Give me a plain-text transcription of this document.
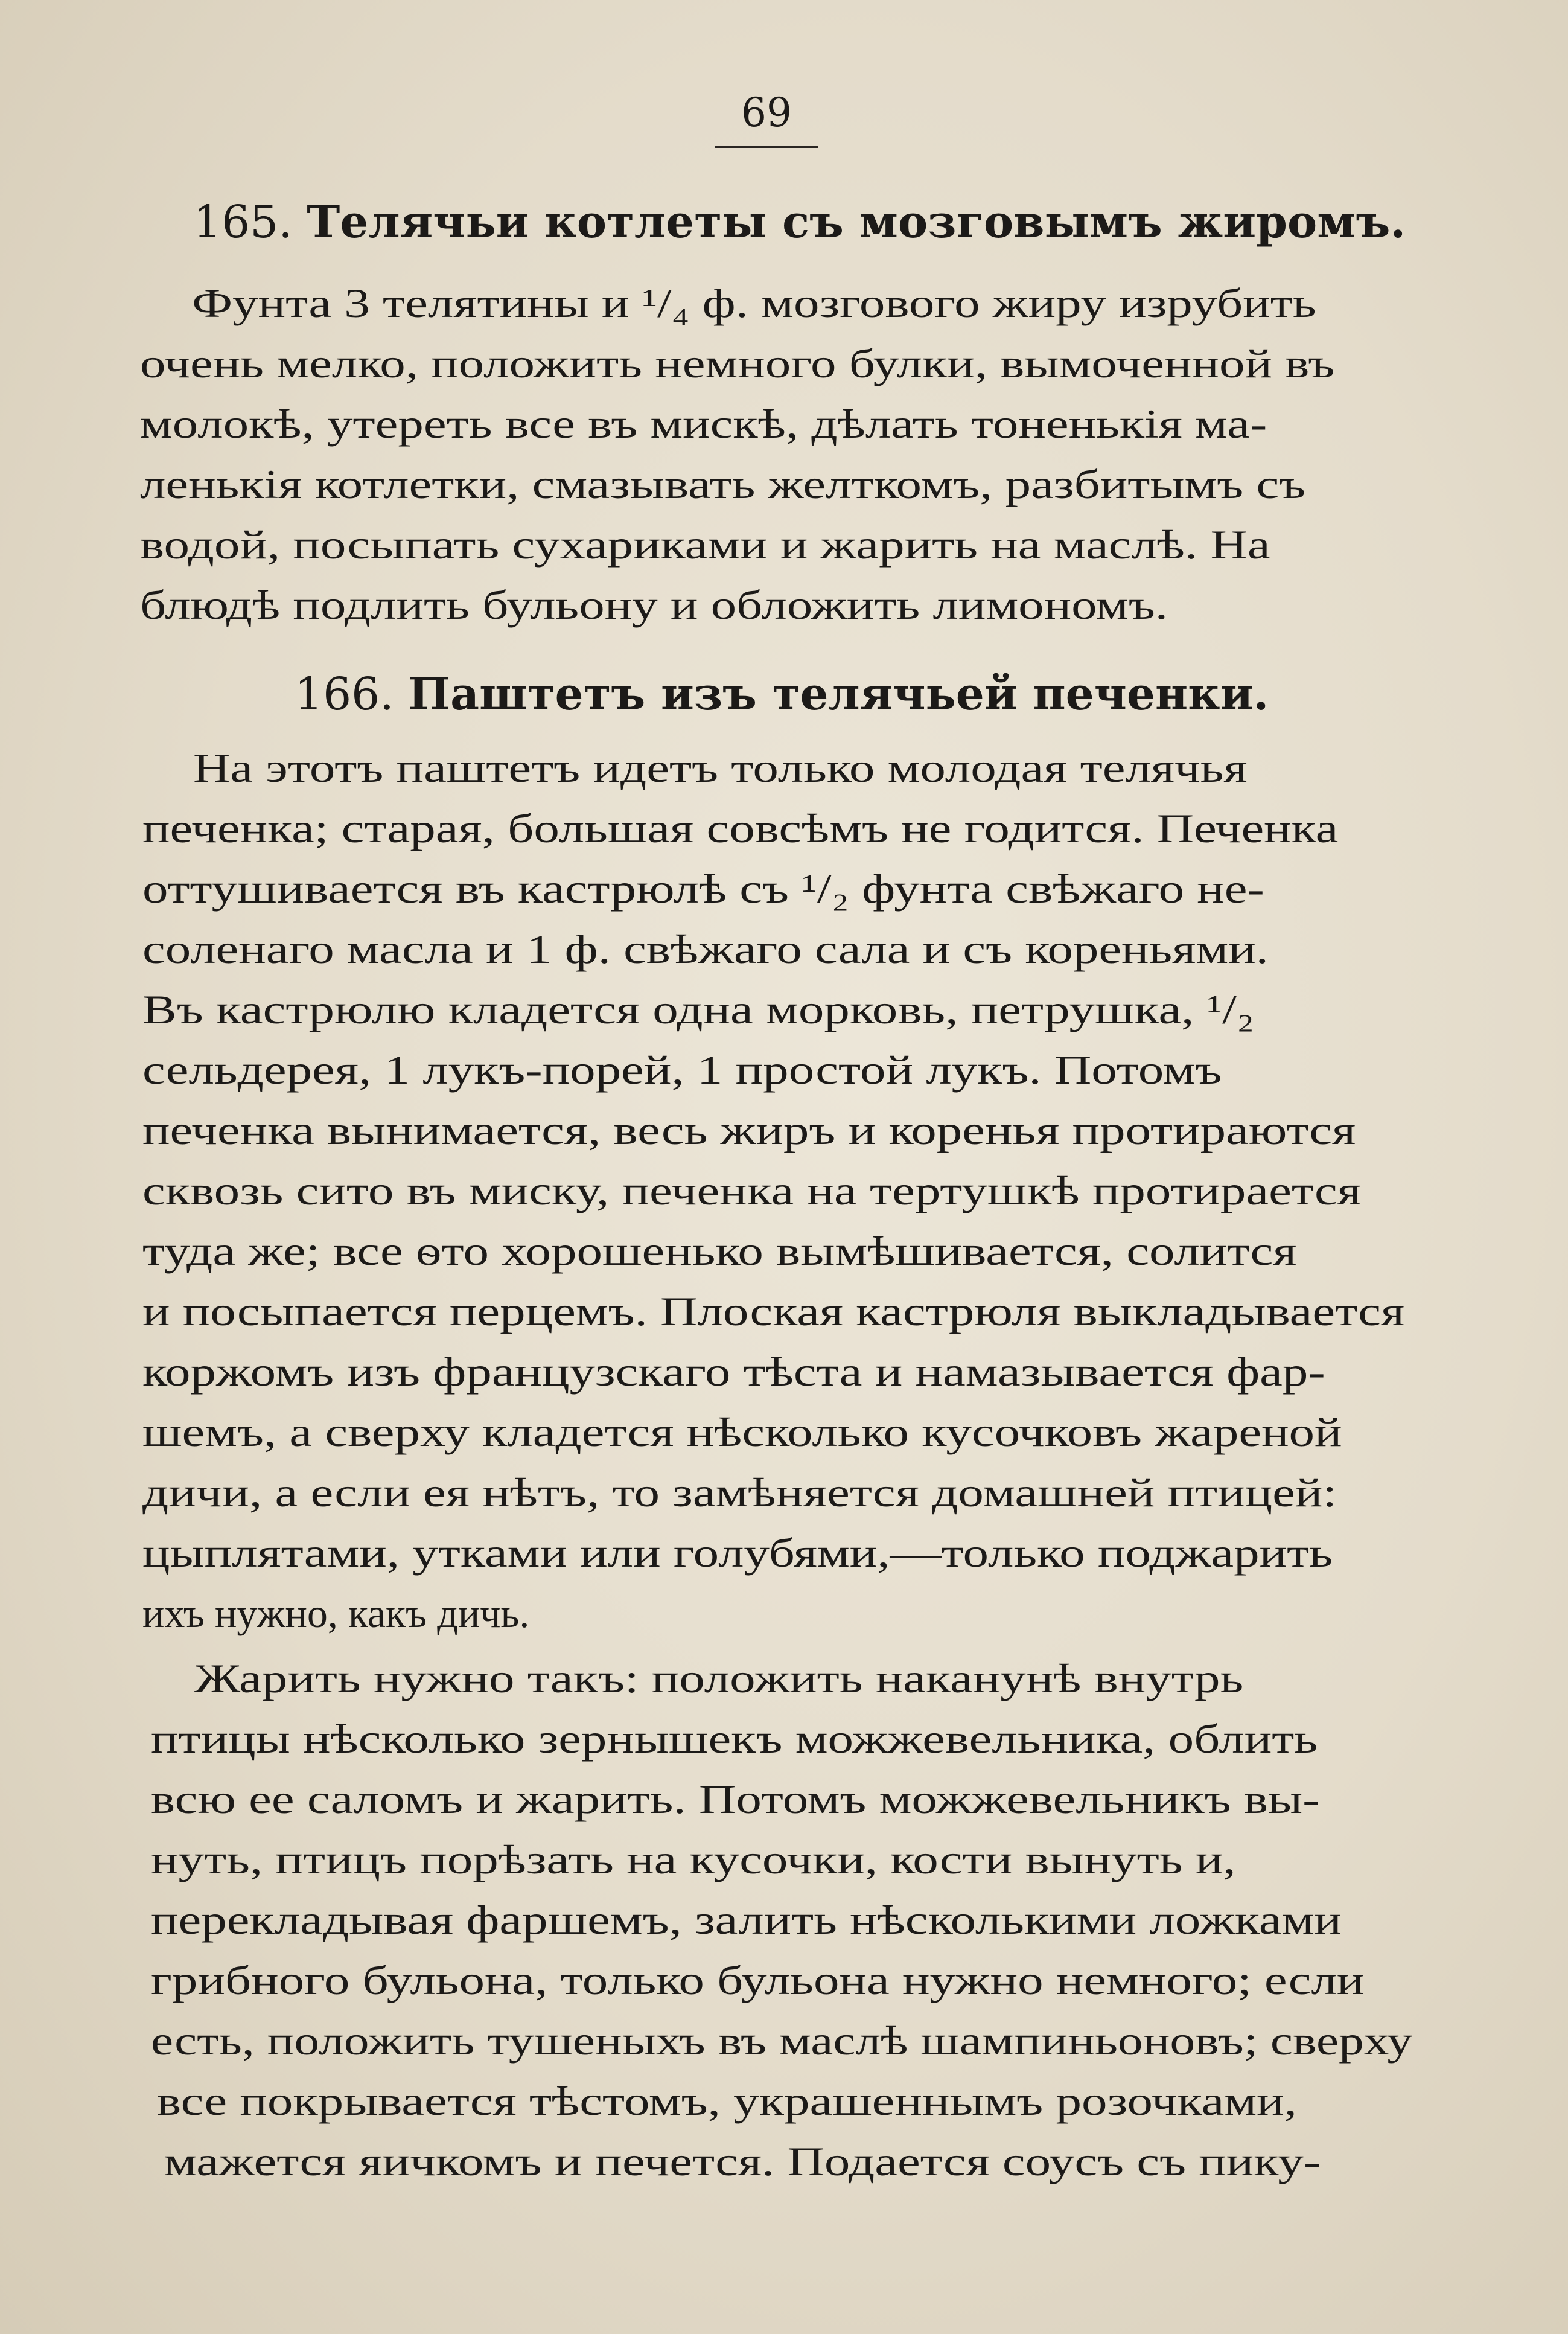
69
165. Телячьи котлеты съ мозговымъ жиромъ.
166. Паштетъ изъ телячьей печенки.
Фунта 3 телятины и ¹/₄ ф. мозгового жиру изрубить
очень мелко, положить немного булки, вымоченной въ
молокѣ, утереть все въ мискѣ, дѣлать тоненькія ма-
ленькія котлетки, смазывать желткомъ, разбитымъ съ
водой, посыпать сухариками и жарить на маслѣ. На
блюдѣ подлить бульону и обложить лимономъ.
На этотъ паштетъ идетъ только молодая телячья
печенка; старая, большая совсѣмъ не годится. Печенка
оттушивается въ кастрюлѣ съ ¹/₂ фунта свѣжаго не-
соленаго масла и 1 ф. свѣжаго сала и съ кореньями.
Въ кастрюлю кладется одна морковь, петрушка, ¹/₂
сельдерея, 1 лукъ-порей, 1 простой лукъ. Потомъ
печенка вынимается, весь жиръ и коренья протираются
сквозь сито въ миску, печенка на тертушкѣ протирается
туда же; все ѳто хорошенько вымѣшивается, солится
и посыпается перцемъ. Плоская кастрюля выкладывается
коржомъ изъ французскаго тѣста и намазывается фар-
шемъ, а сверху кладется нѣсколько кусочковъ жареной
дичи, а если ея нѣтъ, то замѣняется домашней птицей:
цыплятами, утками или голубями,—только поджарить
ихъ нужно, какъ дичь.
Жарить нужно такъ: положить наканунѣ внутрь
птицы нѣсколько зернышекъ можжевельника, облить
всю ее саломъ и жарить. Потомъ можжевельникъ вы-
нуть, птицъ порѣзать на кусочки, кости вынуть и,
перекладывая фаршемъ, залить нѣсколькими ложками
грибного бульона, только бульона нужно немного; если
есть, положить тушеныхъ въ маслѣ шампиньоновъ; сверху
все покрывается тѣстомъ, украшеннымъ розочками,
мажется яичкомъ и печется. Подается соусъ съ пику-
